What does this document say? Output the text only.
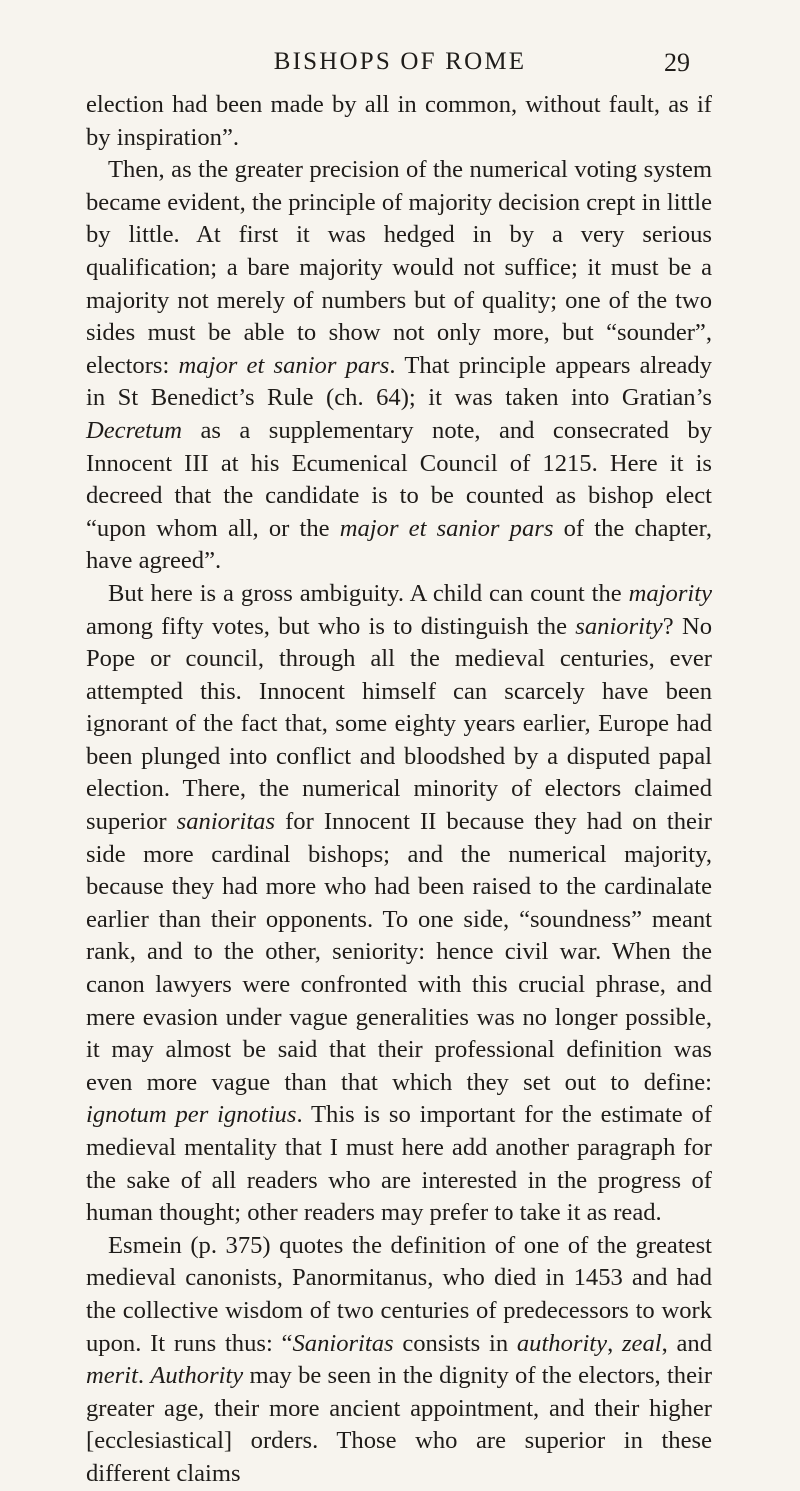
BISHOPS OF ROME	29

election had been made by all in common, without fault, as if by inspiration”.

Then, as the greater precision of the numerical voting system became evident, the principle of majority decision crept in little by little. At first it was hedged in by a very serious qualification; a bare majority would not suffice; it must be a majority not merely of numbers but of quality; one of the two sides must be able to show not only more, but “sounder”, electors: major et sanior pars. That principle appears already in St Benedict’s Rule (ch. 64); it was taken into Gratian’s Decretum as a supplementary note, and consecrated by Innocent III at his Ecumenical Council of 1215. Here it is decreed that the candidate is to be counted as bishop elect “upon whom all, or the major et sanior pars of the chapter, have agreed”.

But here is a gross ambiguity. A child can count the majority among fifty votes, but who is to distinguish the saniority? No Pope or council, through all the medieval centuries, ever attempted this. Innocent himself can scarcely have been ignorant of the fact that, some eighty years earlier, Europe had been plunged into conflict and bloodshed by a disputed papal election. There, the numerical minority of electors claimed superior sanioritas for Innocent II because they had on their side more cardinal bishops; and the numerical majority, because they had more who had been raised to the cardinalate earlier than their opponents. To one side, “soundness” meant rank, and to the other, seniority: hence civil war. When the canon lawyers were confronted with this crucial phrase, and mere evasion under vague generalities was no longer possible, it may almost be said that their professional definition was even more vague than that which they set out to define: ignotum per ignotius. This is so important for the estimate of medieval mentality that I must here add another paragraph for the sake of all readers who are interested in the progress of human thought; other readers may prefer to take it as read.

Esmein (p. 375) quotes the definition of one of the greatest medieval canonists, Panormitanus, who died in 1453 and had the collective wisdom of two centuries of predecessors to work upon. It runs thus: “Sanioritas consists in authority, zeal, and merit. Authority may be seen in the dignity of the electors, their greater age, their more ancient appointment, and their higher [ecclesiastical] orders. Those who are superior in these different claims
